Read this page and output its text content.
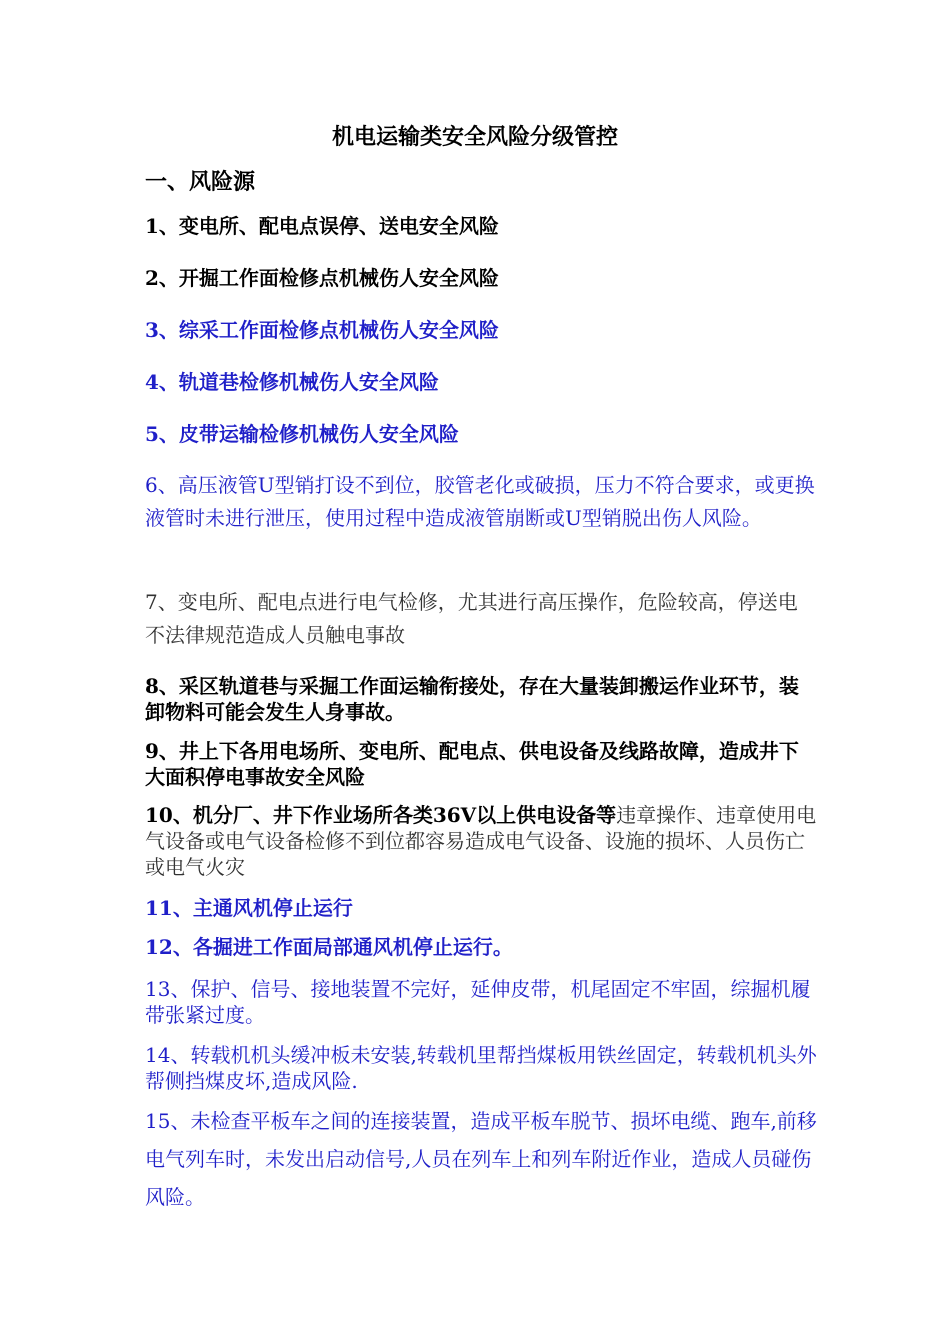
机电运输类安全风险分级管控
一、风险源

1、变电所、配电点误停、送电安全风险

2、开掘工作面检修点机械伤人安全风险

3、综采工作面检修点机械伤人安全风险

4、轨道巷检修机械伤人安全风险

5、皮带运输检修机械伤人安全风险

6、高压液管U型销打设不到位，胶管老化或破损，压力不符合要求，或更换液管时未进行泄压，使用过程中造成液管崩断或U型销脱出伤人风险。

7、变电所、配电点进行电气检修，尤其进行高压操作，危险较高，停送电不法律规范造成人员触电事故

8、采区轨道巷与采掘工作面运输衔接处，存在大量装卸搬运作业环节，装卸物料可能会发生人身事故。

9、井上下各用电场所、变电所、配电点、供电设备及线路故障，造成井下大面积停电事故安全风险

10、机分厂、井下作业场所各类36V以上供电设备等违章操作、违章使用电气设备或电气设备检修不到位都容易造成电气设备、设施的损坏、人员伤亡或电气火灾

11、主通风机停止运行

12、各掘进工作面局部通风机停止运行。

13、保护、信号、接地装置不完好，延伸皮带，机尾固定不牢固，综掘机履带张紧过度。

14、转载机机头缓冲板未安装,转载机里帮挡煤板用铁丝固定，转载机机头外帮侧挡煤皮坏,造成风险.

15、未检查平板车之间的连接装置，造成平板车脱节、损坏电缆、跑车,前移电气列车时，未发出启动信号,人员在列车上和列车附近作业，造成人员碰伤风险。
